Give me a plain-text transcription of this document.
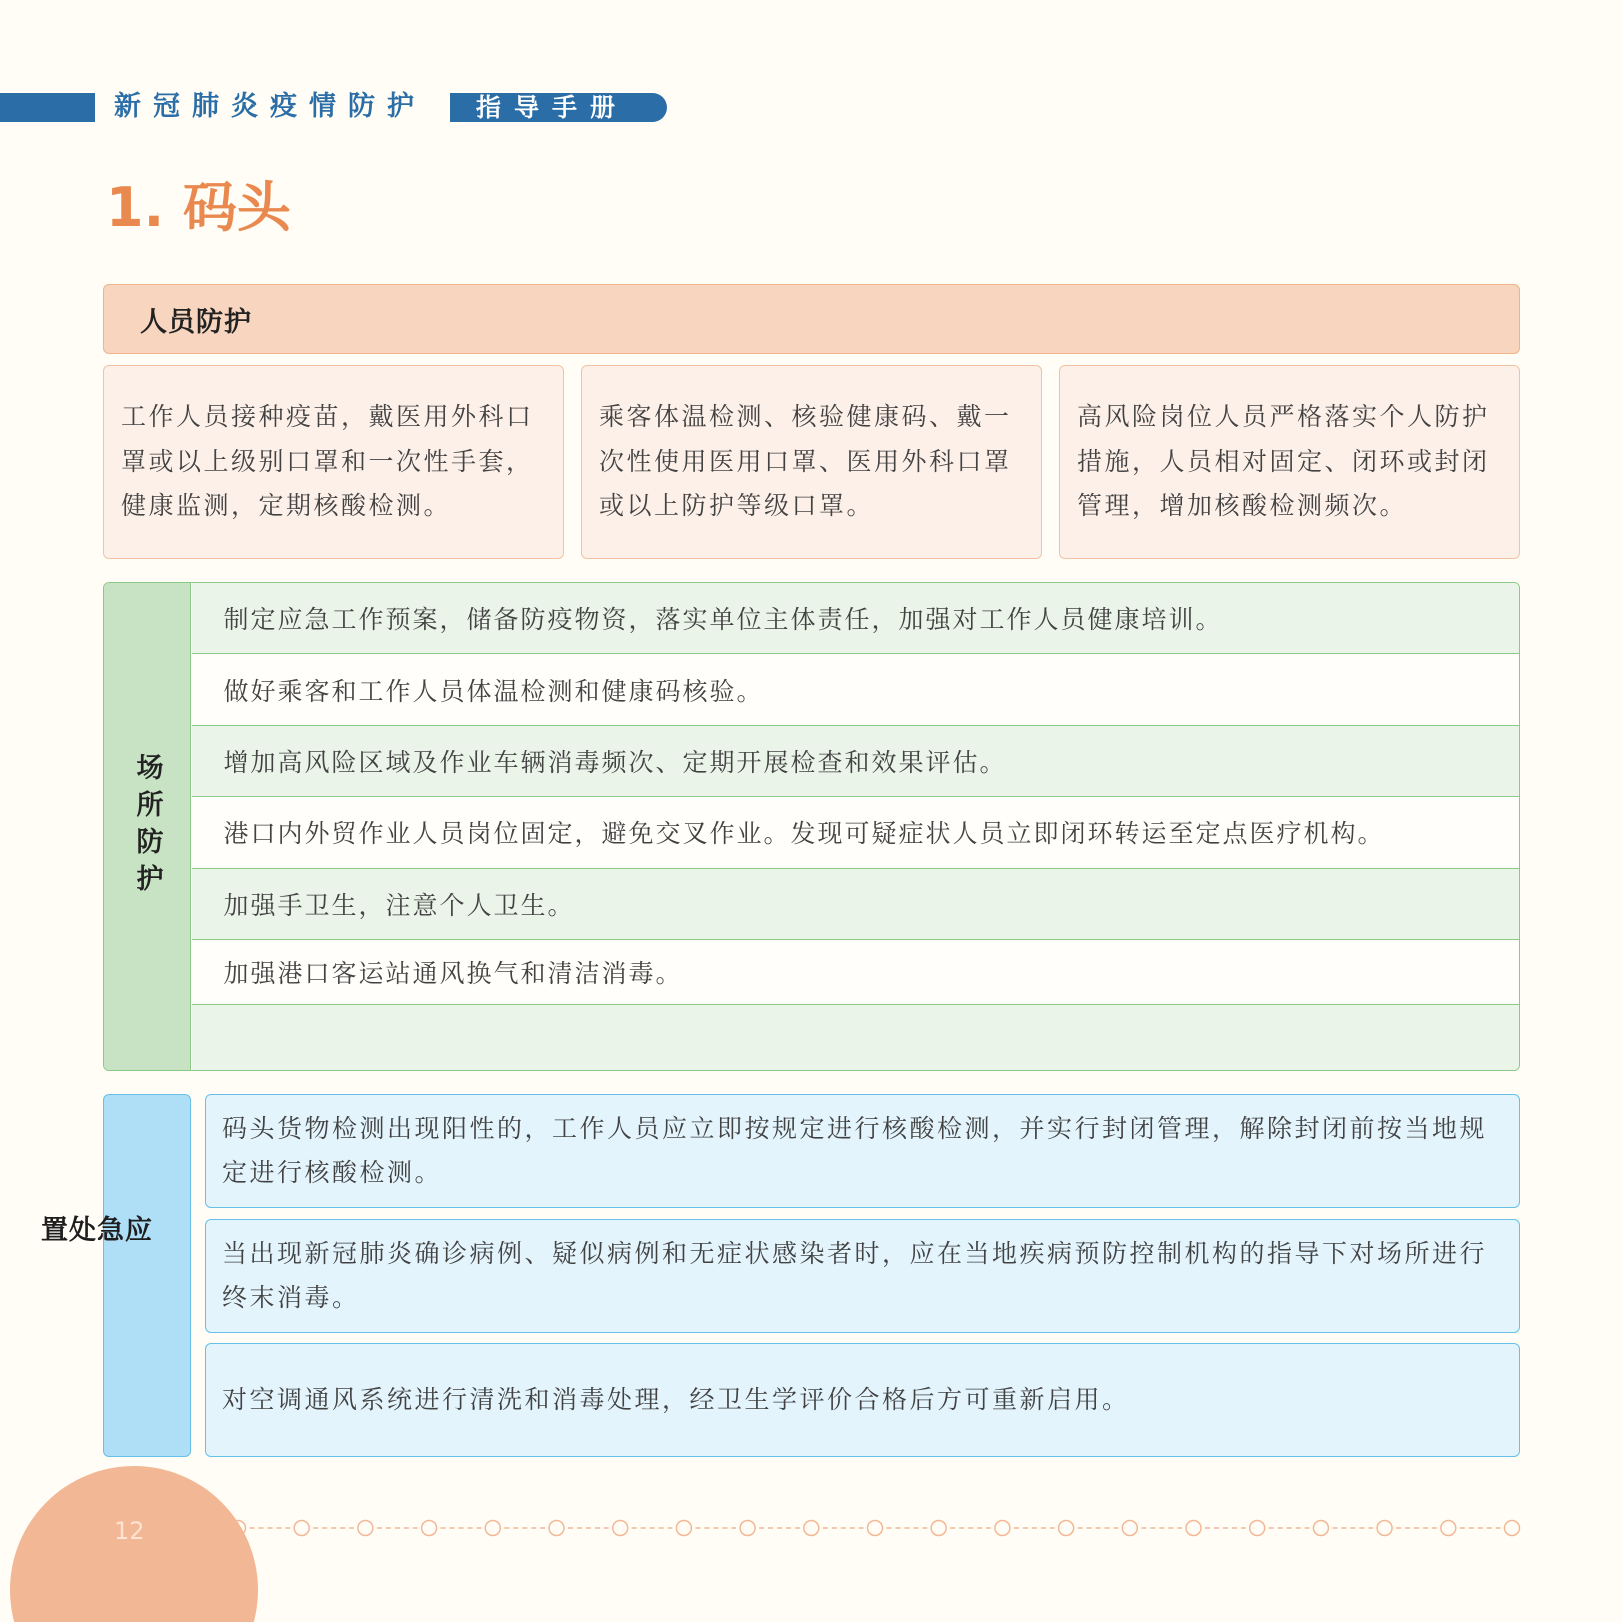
新冠肺炎疫情防护 指导手册
1. 码头
人员防护
工作人员接种疫苗，戴医用外科口
罩或以上级别口罩和一次性手套，
健康监测，定期核酸检测。
乘客体温检测、核验健康码、戴一
次性使用医用口罩、医用外科口罩
或以上防护等级口罩。
高风险岗位人员严格落实个人防护
措施，人员相对固定、闭环或封闭
管理，增加核酸检测频次。
场所防护
制定应急工作预案，储备防疫物资，落实单位主体责任，加强对工作人员健康培训。
做好乘客和工作人员体温检测和健康码核验。
增加高风险区域及作业车辆消毒频次、定期开展检查和效果评估。
港口内外贸作业人员岗位固定，避免交叉作业。发现可疑症状人员立即闭环转运至定点医疗机构。
加强手卫生，注意个人卫生。
加强港口客运站通风换气和清洁消毒。
置处急应
码头货物检测出现阳性的，工作人员应立即按规定进行核酸检测，并实行封闭管理，解除封闭前按当地规
定进行核酸检测。
当出现新冠肺炎确诊病例、疑似病例和无症状感染者时，应在当地疾病预防控制机构的指导下对场所进行
终末消毒。
对空调通风系统进行清洗和消毒处理，经卫生学评价合格后方可重新启用。
12
